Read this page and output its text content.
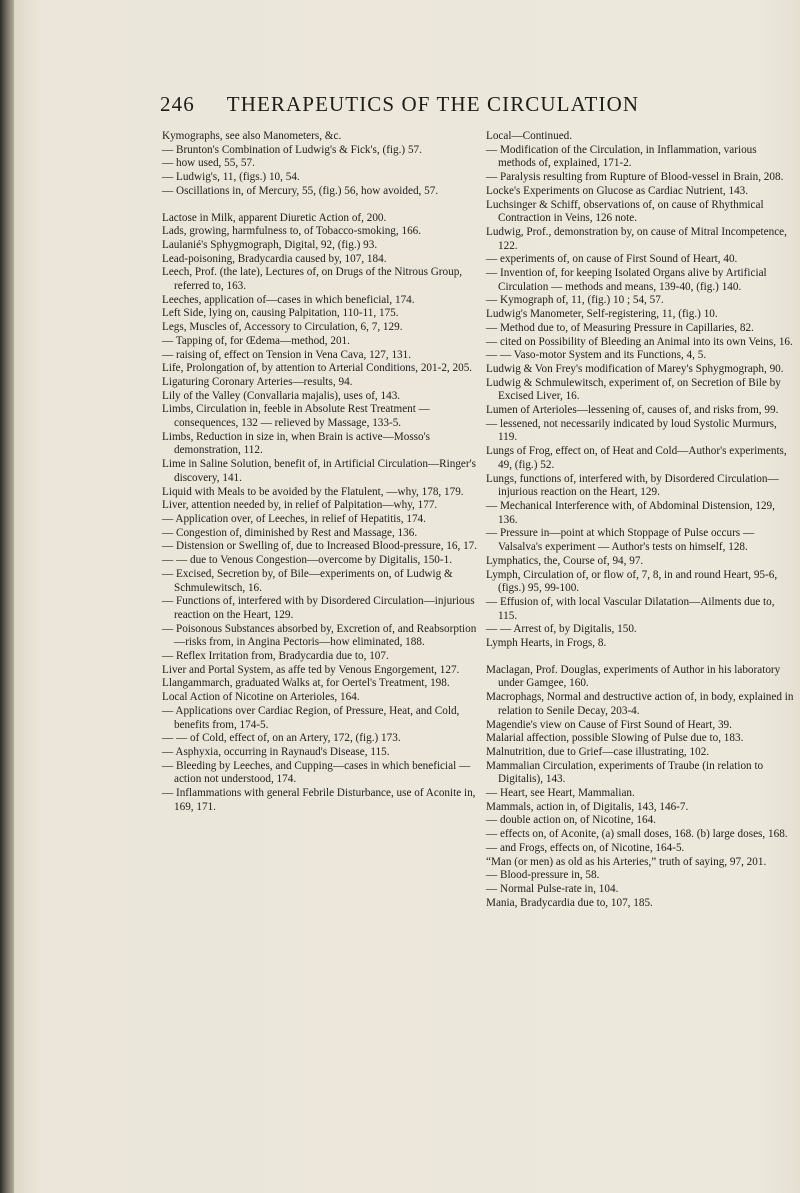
246 THERAPEUTICS OF THE CIRCULATION

Kymographs, see also Manometers, &c.

— Brunton's Combination of Ludwig's & Fick's, (fig.) 57.

— how used, 55, 57.

— Ludwig's, 11, (figs.) 10, 54.

— Oscillations in, of Mercury, 55, (fig.) 56, how avoided, 57.

Lactose in Milk, apparent Diuretic Action of, 200.

Lads, growing, harmfulness to, of Tobacco-smoking, 166.

Laulanié's Sphygmograph, Digital, 92, (fig.) 93.

Lead-poisoning, Bradycardia caused by, 107, 184.

Leech, Prof. (the late), Lectures of, on Drugs of the Nitrous Group, referred to, 163.

Leeches, application of—cases in which beneficial, 174.

Left Side, lying on, causing Palpitation, 110-11, 175.

Legs, Muscles of, Accessory to Circulation, 6, 7, 129.

— Tapping of, for Œdema—method, 201.

— raising of, effect on Tension in Vena Cava, 127, 131.

Life, Prolongation of, by attention to Arterial Conditions, 201-2, 205.

Ligaturing Coronary Arteries—results, 94.

Lily of the Valley (Convallaria majalis), uses of, 143.

Limbs, Circulation in, feeble in Absolute Rest Treatment — consequences, 132 — relieved by Massage, 133-5.

Limbs, Reduction in size in, when Brain is active—Mosso's demonstration, 112.

Lime in Saline Solution, benefit of, in Artificial Circulation—Ringer's discovery, 141.

Liquid with Meals to be avoided by the Flatulent, —why, 178, 179.

Liver, attention needed by, in relief of Palpitation—why, 177.

— Application over, of Leeches, in relief of Hepatitis, 174.

— Congestion of, diminished by Rest and Massage, 136.

— Distension or Swelling of, due to Increased Blood-pressure, 16, 17.

— — due to Venous Congestion—overcome by Digitalis, 150-1.

— Excised, Secretion by, of Bile—experiments on, of Ludwig & Schmulewitsch, 16.

— Functions of, interfered with by Disordered Circulation—injurious reaction on the Heart, 129.

— Poisonous Substances absorbed by, Excretion of, and Reabsorption—risks from, in Angina Pectoris—how eliminated, 188.

— Reflex Irritation from, Bradycardia due to, 107.

Liver and Portal System, as affe ted by Venous Engorgement, 127.

Llangammarch, graduated Walks at, for Oertel's Treatment, 198.

Local Action of Nicotine on Arterioles, 164.

— Applications over Cardiac Region, of Pressure, Heat, and Cold, benefits from, 174-5.

— — of Cold, effect of, on an Artery, 172, (fig.) 173.

— Asphyxia, occurring in Raynaud's Disease, 115.

— Bleeding by Leeches, and Cupping—cases in which beneficial — action not understood, 174.

— Inflammations with general Febrile Disturbance, use of Aconite in, 169, 171.

Local—Continued.

— Modification of the Circulation, in Inflammation, various methods of, explained, 171-2.

— Paralysis resulting from Rupture of Blood-vessel in Brain, 208.

Locke's Experiments on Glucose as Cardiac Nutrient, 143.

Luchsinger & Schiff, observations of, on cause of Rhythmical Contraction in Veins, 126 note.

Ludwig, Prof., demonstration by, on cause of Mitral Incompetence, 122.

— experiments of, on cause of First Sound of Heart, 40.

— Invention of, for keeping Isolated Organs alive by Artificial Circulation — methods and means, 139-40, (fig.) 140.

— Kymograph of, 11, (fig.) 10 ; 54, 57.

Ludwig's Manometer, Self-registering, 11, (fig.) 10.

— Method due to, of Measuring Pressure in Capillaries, 82.

— cited on Possibility of Bleeding an Animal into its own Veins, 16.

— — Vaso-motor System and its Functions, 4, 5.

Ludwig & Von Frey's modification of Marey's Sphygmograph, 90.

Ludwig & Schmulewitsch, experiment of, on Secretion of Bile by Excised Liver, 16.

Lumen of Arterioles—lessening of, causes of, and risks from, 99.

— lessened, not necessarily indicated by loud Systolic Murmurs, 119.

Lungs of Frog, effect on, of Heat and Cold—Author's experiments, 49, (fig.) 52.

Lungs, functions of, interfered with, by Disordered Circulation—injurious reaction on the Heart, 129.

— Mechanical Interference with, of Abdominal Distension, 129, 136.

— Pressure in—point at which Stoppage of Pulse occurs — Valsalva's experiment — Author's tests on himself, 128.

Lymphatics, the, Course of, 94, 97.

Lymph, Circulation of, or flow of, 7, 8, in and round Heart, 95-6, (figs.) 95, 99-100.

— Effusion of, with local Vascular Dilatation—Ailments due to, 115.

— — Arrest of, by Digitalis, 150.

Lymph Hearts, in Frogs, 8.

Maclagan, Prof. Douglas, experiments of Author in his laboratory under Gamgee, 160.

Macrophags, Normal and destructive action of, in body, explained in relation to Senile Decay, 203-4.

Magendie's view on Cause of First Sound of Heart, 39.

Malarial affection, possible Slowing of Pulse due to, 183.

Malnutrition, due to Grief—case illustrating, 102.

Mammalian Circulation, experiments of Traube (in relation to Digitalis), 143.

— Heart, see Heart, Mammalian.

Mammals, action in, of Digitalis, 143, 146-7.

— double action on, of Nicotine, 164.

— effects on, of Aconite, (a) small doses, 168. (b) large doses, 168.

— and Frogs, effects on, of Nicotine, 164-5.

“Man (or men) as old as his Arteries,” truth of saying, 97, 201.

— Blood-pressure in, 58.

— Normal Pulse-rate in, 104.

Mania, Bradycardia due to, 107, 185.
